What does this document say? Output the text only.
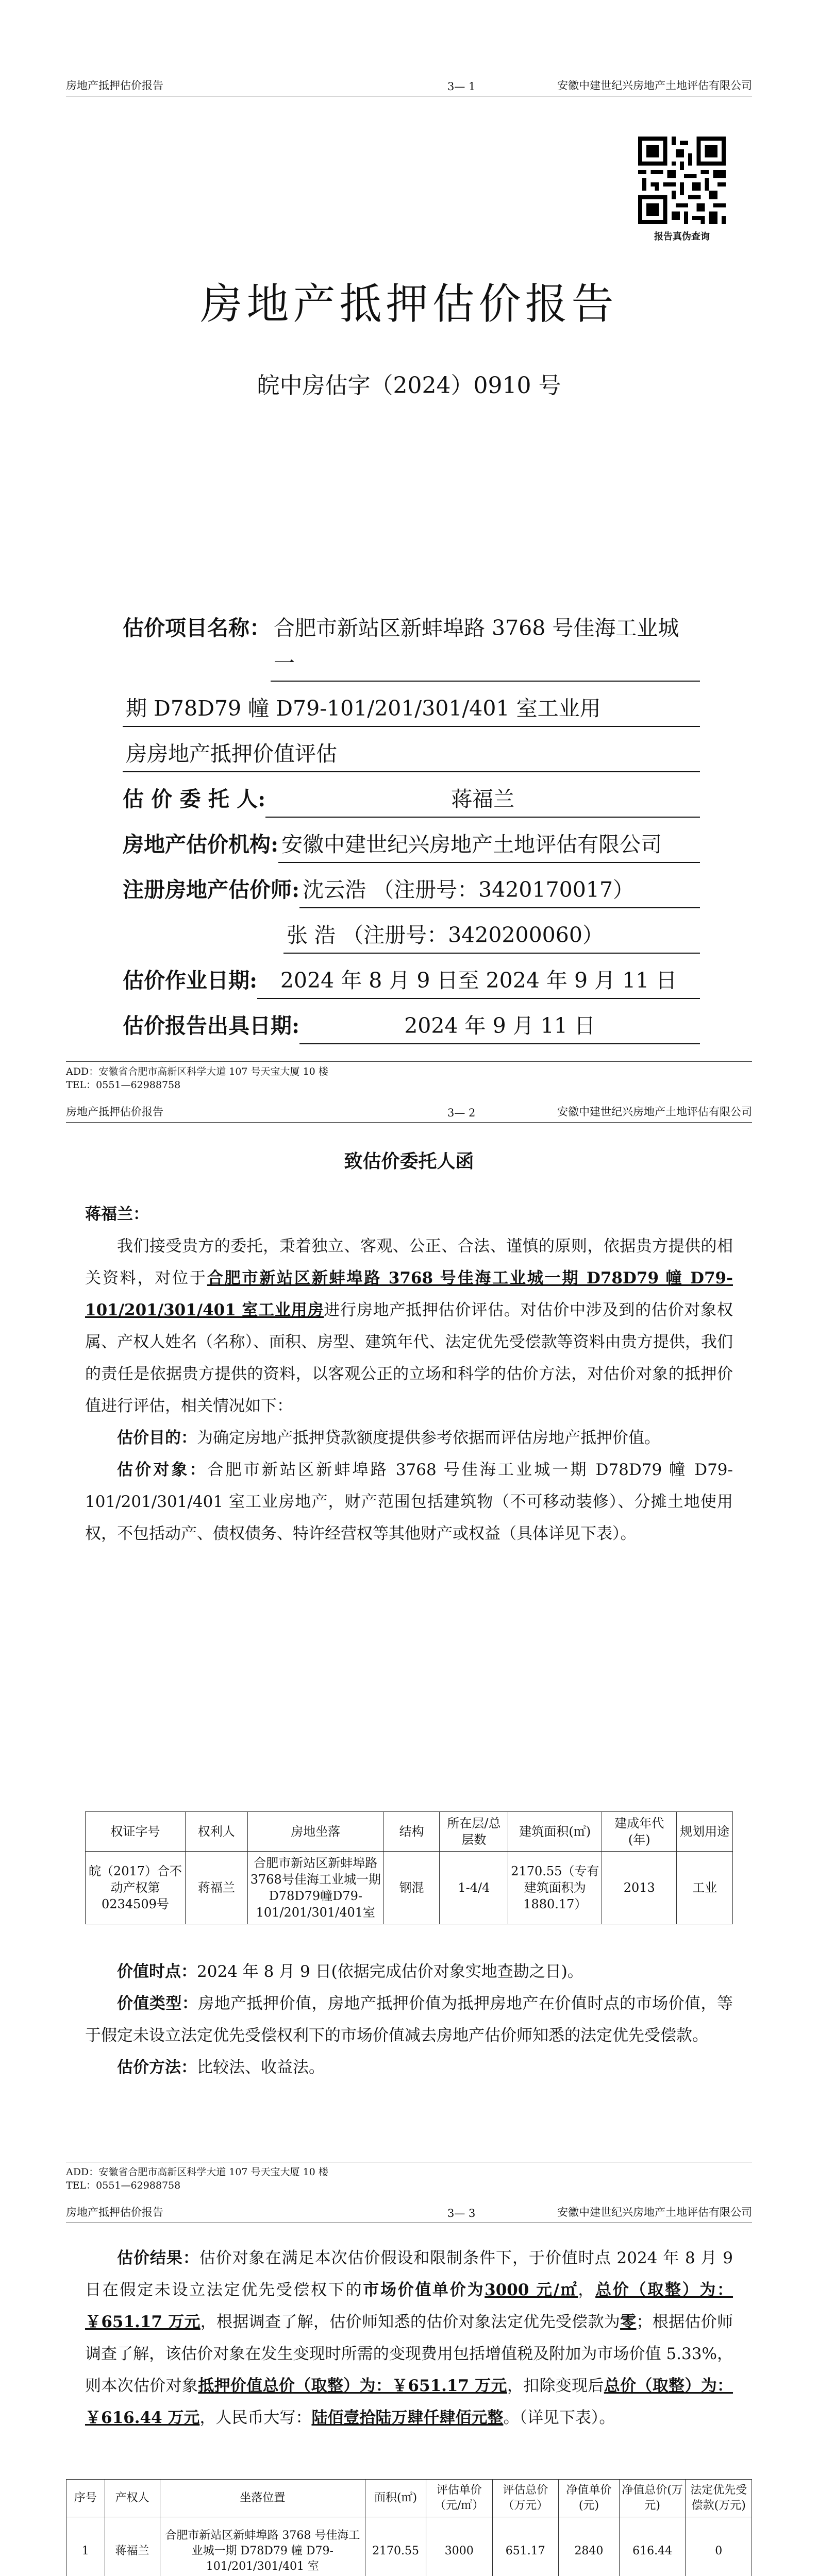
房地产抵押估价报告	3— 1	安徽中建世纪兴房地产土地评估有限公司
报告真伪查询
房地产抵押估价报告
皖中房估字（2024）0910 号
估价项目名称： 合肥市新站区新蚌埠路 3768 号佳海工业城一
期 D78D79 幢 D79-101/201/301/401 室工业用
房房地产抵押价值评估
估 价 委 托 人:	蒋福兰
房地产估价机构: 安徽中建世纪兴房地产土地评估有限公司
注册房地产估价师: 沈云浩 （注册号：3420170017）
张 浩 （注册号：3420200060）
估价作业日期:	2024 年 8 月 9 日至 2024 年 9 月 11 日
估价报告出具日期:	2024 年 9 月 11 日
ADD：安徽省合肥市高新区科学大道 107 号天宝大厦 10 楼
TEL：0551—62988758
房地产抵押估价报告	3— 2	安徽中建世纪兴房地产土地评估有限公司
致估价委托人函

蒋福兰：

我们接受贵方的委托，秉着独立、客观、公正、合法、谨慎的原则，依据贵方提供的相关资料，对位于合肥市新站区新蚌埠路 3768 号佳海工业城一期 D78D79 幢 D79-101/201/301/401 室工业用房进行房地产抵押估价评估。对估价中涉及到的估价对象权属、产权人姓名（名称）、面积、房型、建筑年代、法定优先受偿款等资料由贵方提供，我们的责任是依据贵方提供的资料，以客观公正的立场和科学的估价方法，对估价对象的抵押价值进行评估，相关情况如下：

估价目的：为确定房地产抵押贷款额度提供参考依据而评估房地产抵押价值。

估价对象：合肥市新站区新蚌埠路 3768 号佳海工业城一期 D78D79 幢 D79-101/201/301/401 室工业房地产，财产范围包括建筑物（不可移动装修）、分摊土地使用权，不包括动产、债权债务、特许经营权等其他财产或权益（具体详见下表）。

权证字号	权利人	房地坐落	结构	所在层/总层数	建筑面积(㎡)	建成年代(年)	规划用途
皖（2017）合不动产权第0234509号	蒋福兰	合肥市新站区新蚌埠路3768号佳海工业城一期D78D79幢D79-101/201/301/401室	钢混	1-4/4	2170.55（专有建筑面积为1880.17）	2013	工业

价值时点：2024 年 8 月 9 日(依据完成估价对象实地查勘之日)。

价值类型：房地产抵押价值，房地产抵押价值为抵押房地产在价值时点的市场价值，等于假定未设立法定优先受偿权利下的市场价值减去房地产估价师知悉的法定优先受偿款。

估价方法：比较法、收益法。

ADD：安徽省合肥市高新区科学大道 107 号天宝大厦 10 楼
TEL：0551—62988758
房地产抵押估价报告	3— 3	安徽中建世纪兴房地产土地评估有限公司

估价结果：估价对象在满足本次估价假设和限制条件下，于价值时点 2024 年 8 月 9 日在假定未设立法定优先受偿权下的市场价值单价为3000 元/㎡，总价（取整）为：￥651.17 万元，根据调查了解，估价师知悉的估价对象法定优先受偿款为零；根据估价师调查了解，该估价对象在发生变现时所需的变现费用包括增值税及附加为市场价值 5.33%，则本次估价对象抵押价值总价（取整）为：￥651.17 万元，扣除变现后总价（取整）为：￥616.44 万元，人民币大写：陆佰壹拾陆万肆仟肆佰元整。（详见下表）。

序号	产权人	坐落位置	面积(㎡)	评估单价（元/㎡）	评估总价（万元）	净值单价(元)	净值总价(万元)	法定优先受偿款(万元)
1	蒋福兰	合肥市新站区新蚌埠路 3768 号佳海工业城一期 D78D79 幢 D79-101/201/301/401 室	2170.55	3000	651.17	2840	616.44	0
